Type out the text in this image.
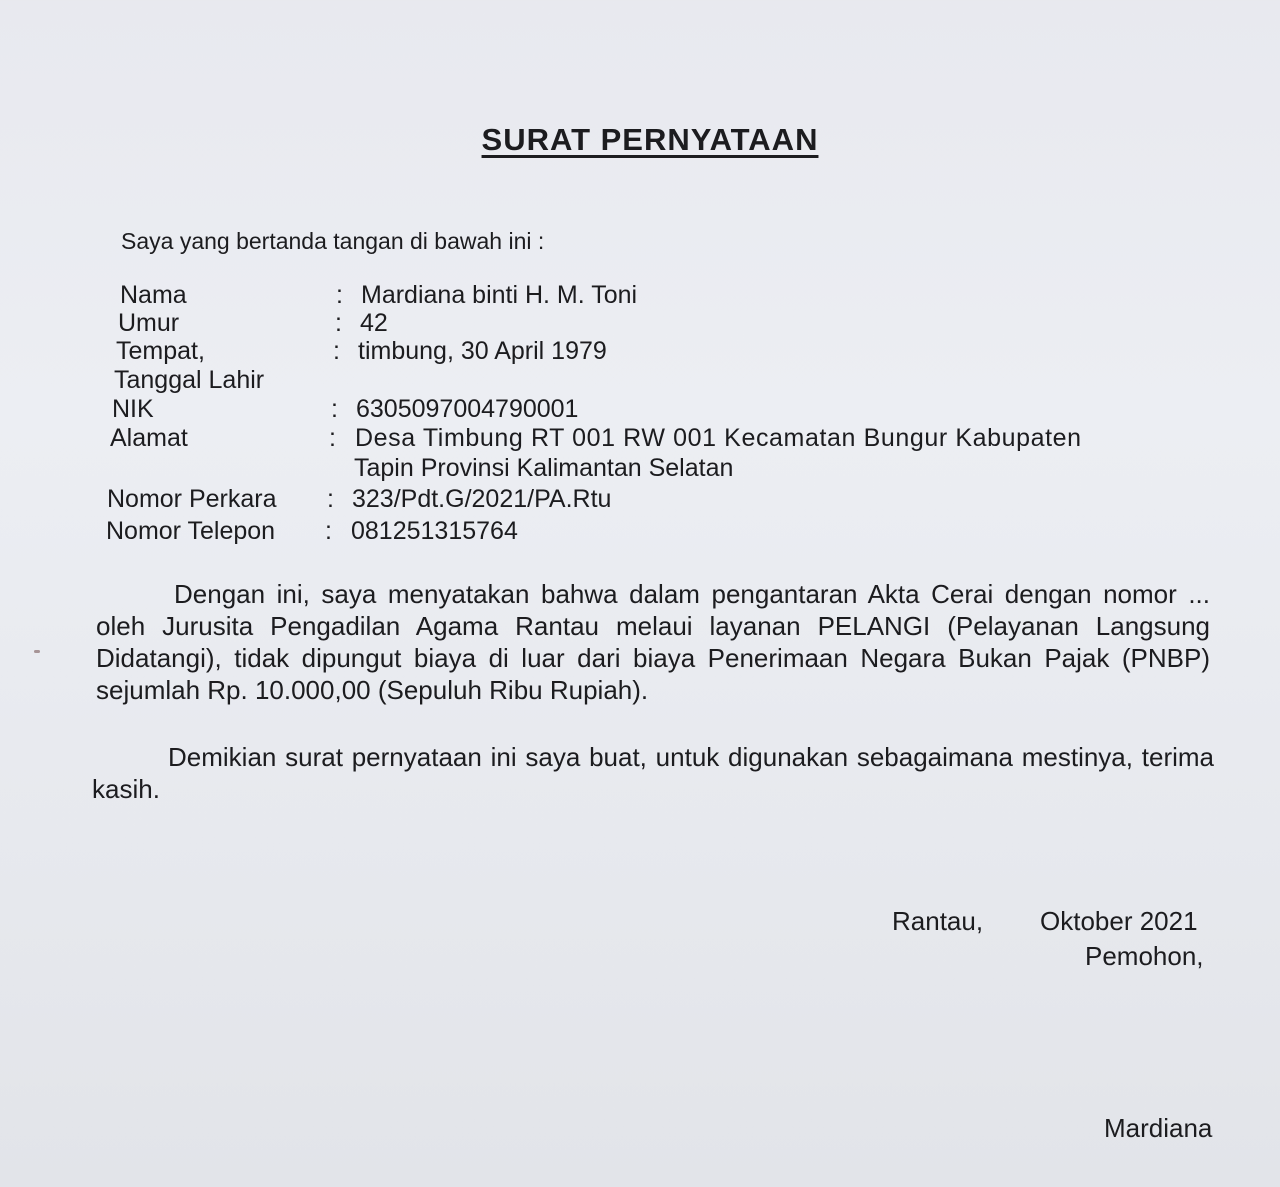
SURAT PERNYATAAN
Saya yang bertanda tangan di bawah ini :
Nama	: Mardiana binti H. M. Toni
Umur	: 42
Tempat,	: timbung, 30 April 1979
Tanggal Lahir
NIK	: 6305097004790001
Alamat	: Desa Timbung RT 001 RW 001 Kecamatan Bungur Kabupaten
Tapin Provinsi Kalimantan Selatan
Nomor Perkara : 323/Pdt.G/2021/PA.Rtu
Nomor Telepon : 081251315764
Dengan ini, saya menyatakan bahwa dalam pengantaran Akta Cerai dengan nomor ... oleh Jurusita Pengadilan Agama Rantau melaui layanan PELANGI (Pelayanan Langsung Didatangi), tidak dipungut biaya di luar dari biaya Penerimaan Negara Bukan Pajak (PNBP) sejumlah Rp. 10.000,00 (Sepuluh Ribu Rupiah).
Demikian surat pernyataan ini saya buat, untuk digunakan sebagaimana mestinya, terima kasih.
Rantau, Oktober 2021
Pemohon,
Mardiana
